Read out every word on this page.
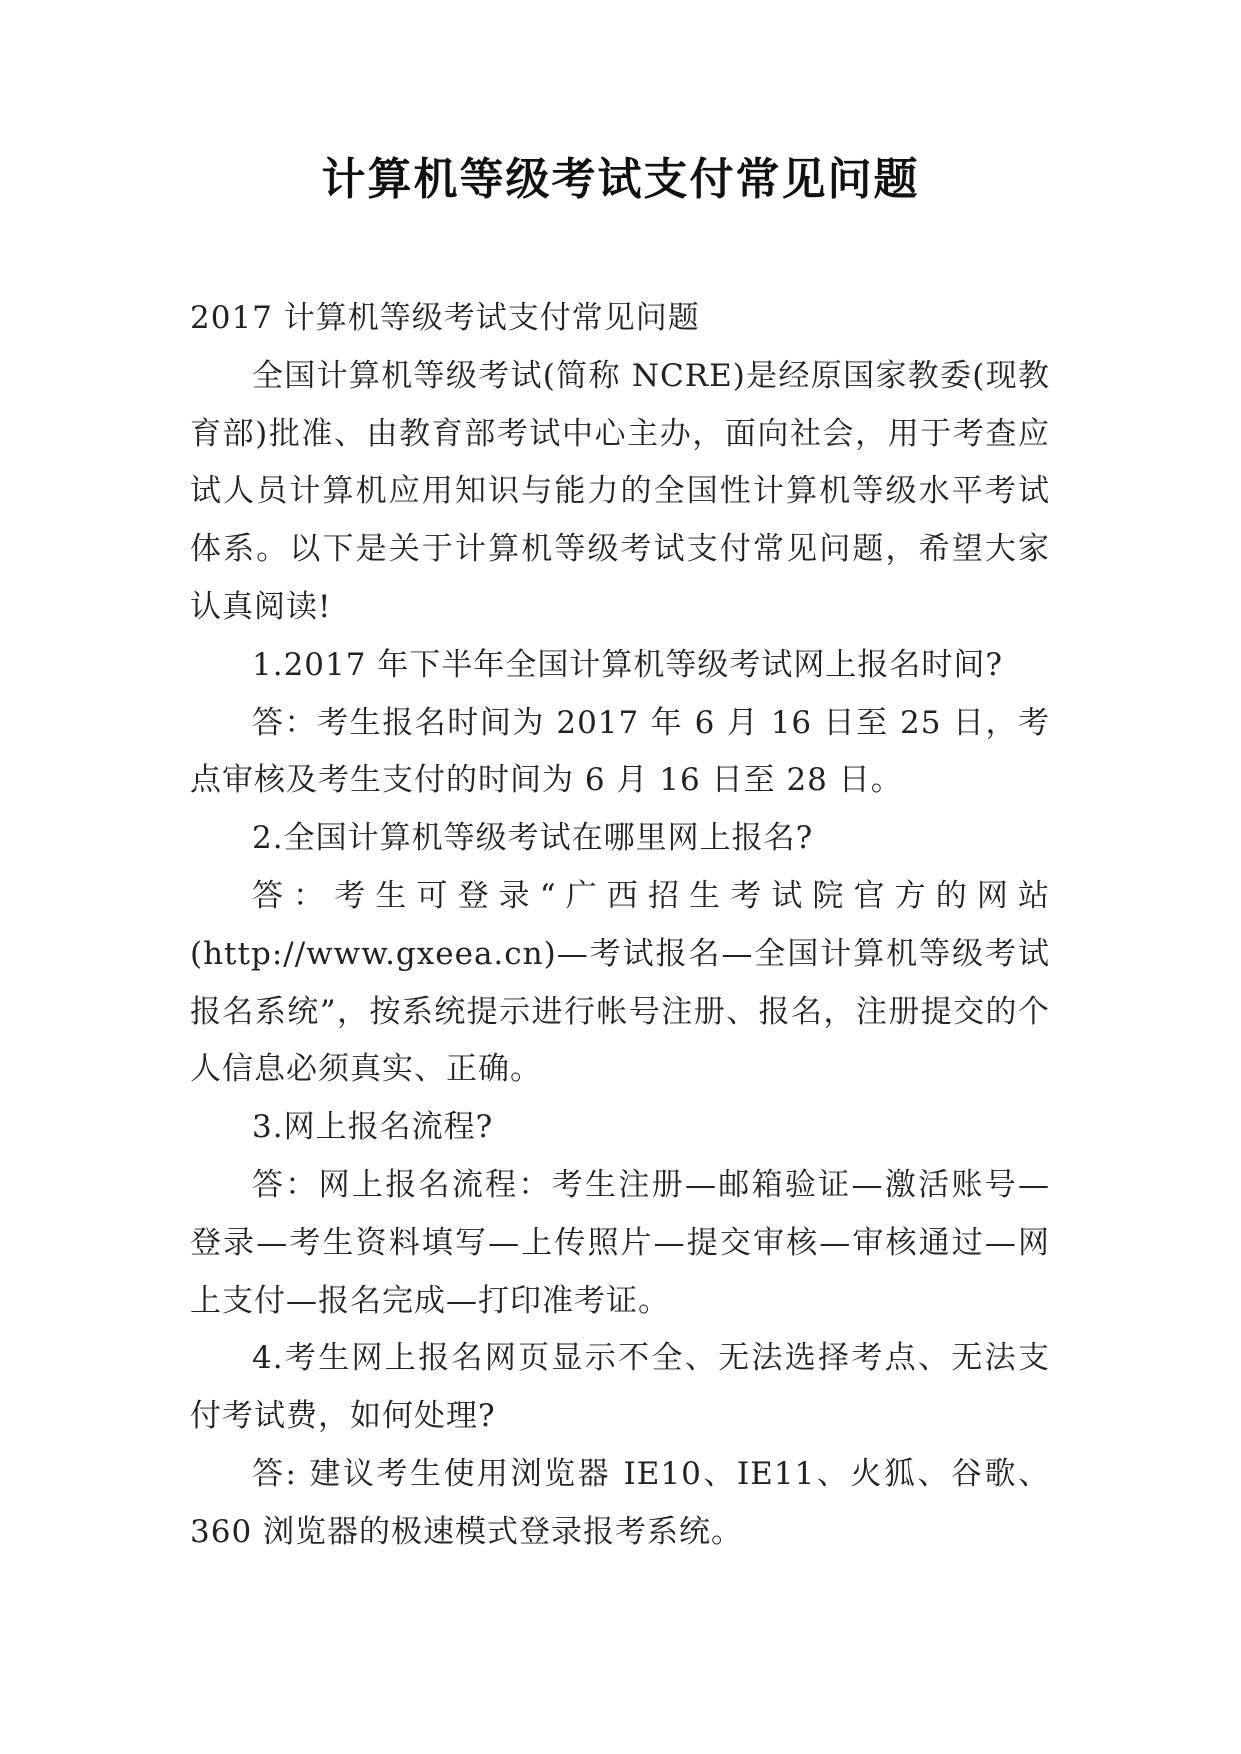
计算机等级考试支付常见问题

2017 计算机等级考试支付常见问题

全国计算机等级考试(简称 NCRE)是经原国家教委(现教育部)批准、由教育部考试中心主办，面向社会，用于考查应试人员计算机应用知识与能力的全国性计算机等级水平考试体系。以下是关于计算机等级考试支付常见问题，希望大家认真阅读!

1.2017 年下半年全国计算机等级考试网上报名时间?

答：考生报名时间为 2017 年 6 月 16 日至 25 日，考点审核及考生支付的时间为 6 月 16 日至 28 日。

2.全国计算机等级考试在哪里网上报名?

答：考生可登录“广西招生考试院官方的网站(http://www.gxeea.cn)—考试报名—全国计算机等级考试报名系统”，按系统提示进行帐号注册、报名，注册提交的个人信息必须真实、正确。

3.网上报名流程?

答：网上报名流程：考生注册—邮箱验证—激活账号—登录—考生资料填写—上传照片—提交审核—审核通过—网上支付—报名完成—打印准考证。

4.考生网上报名网页显示不全、无法选择考点、无法支付考试费，如何处理?

答: 建议考生使用浏览器 IE10、IE11、火狐、谷歌、360 浏览器的极速模式登录报考系统。
